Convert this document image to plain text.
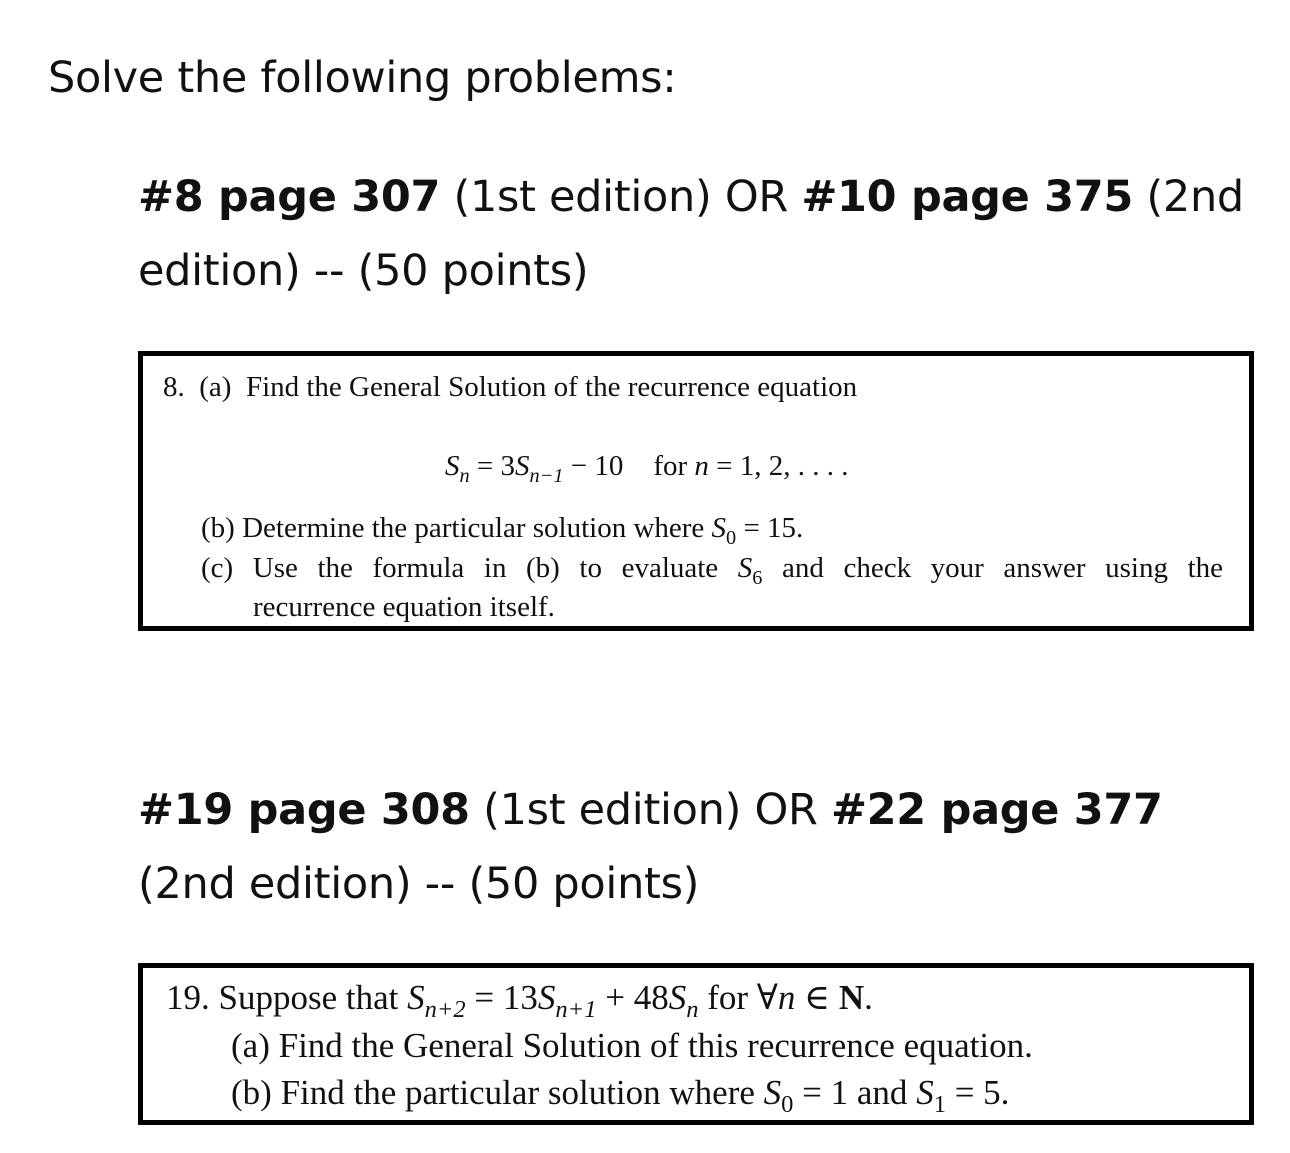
Solve the following problems:
#8 page 307 (1st edition) OR #10 page 375 (2nd edition) -- (50 points)
8. (a) Find the General Solution of the recurrence equation
$S_n = 3S_{n-1} - 10$ for n = 1, 2, . . . .
(b) Determine the particular solution where $S_0 = 15$.
(c) Use the formula in (b) to evaluate $S_6$ and check your answer using the
recurrence equation itself.
#19 page 308 (1st edition) OR #22 page 377 (2nd edition) -- (50 points)
19. Suppose that $S_{n+2} = 13S_{n+1} + 48S_n$ for ∀n ∈ N.
(a) Find the General Solution of this recurrence equation.
(b) Find the particular solution where $S_0 = 1$ and $S_1 = 5$.
